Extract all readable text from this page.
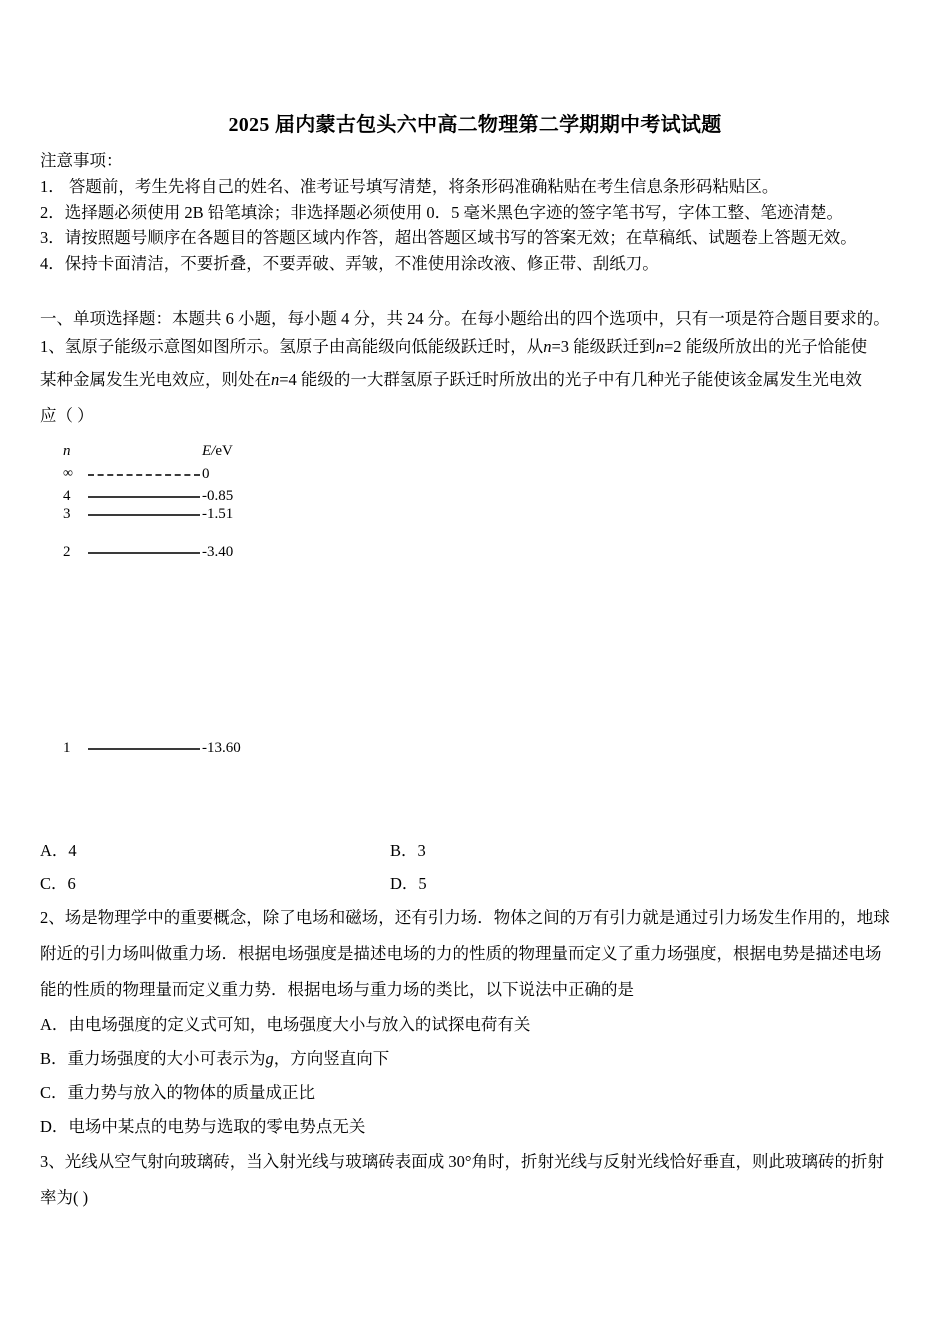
2025 届内蒙古包头六中高二物理第二学期期中考试试题
注意事项：
1． 答题前，考生先将自己的姓名、准考证号填写清楚，将条形码准确粘贴在考生信息条形码粘贴区。
2．选择题必须使用 2B 铅笔填涂；非选择题必须使用 0．5 毫米黑色字迹的签字笔书写，字体工整、笔迹清楚。
3．请按照题号顺序在各题目的答题区域内作答，超出答题区域书写的答案无效；在草稿纸、试题卷上答题无效。
4．保持卡面清洁，不要折叠，不要弄破、弄皱，不准使用涂改液、修正带、刮纸刀。
一、单项选择题：本题共 6 小题，每小题 4 分，共 24 分。在每小题给出的四个选项中，只有一项是符合题目要求的。
1、氢原子能级示意图如图所示。氢原子由高能级向低能级跃迁时，从n=3 能级跃迁到n=2 能级所放出的光子恰能使
某种金属发生光电效应，则处在n=4 能级的一大群氢原子跃迁时所放出的光子中有几种光子能使该金属发生光电效
应（ ）
A．4	B．3
C．6	D．5
2、场是物理学中的重要概念，除了电场和磁场，还有引力场．物体之间的万有引力就是通过引力场发生作用的，地球
附近的引力场叫做重力场．根据电场强度是描述电场的力的性质的物理量而定义了重力场强度，根据电势是描述电场
能的性质的物理量而定义重力势．根据电场与重力场的类比，以下说法中正确的是
A．由电场强度的定义式可知，电场强度大小与放入的试探电荷有关
B．重力场强度的大小可表示为g，方向竖直向下
C．重力势与放入的物体的质量成正比
D．电场中某点的电势与选取的零电势点无关
3、光线从空气射向玻璃砖，当入射光线与玻璃砖表面成 30°角时，折射光线与反射光线恰好垂直，则此玻璃砖的折射
率为( )
n	E/eV
∞	0
4	-0.85
3	-1.51
2	-3.40
1	-13.60
